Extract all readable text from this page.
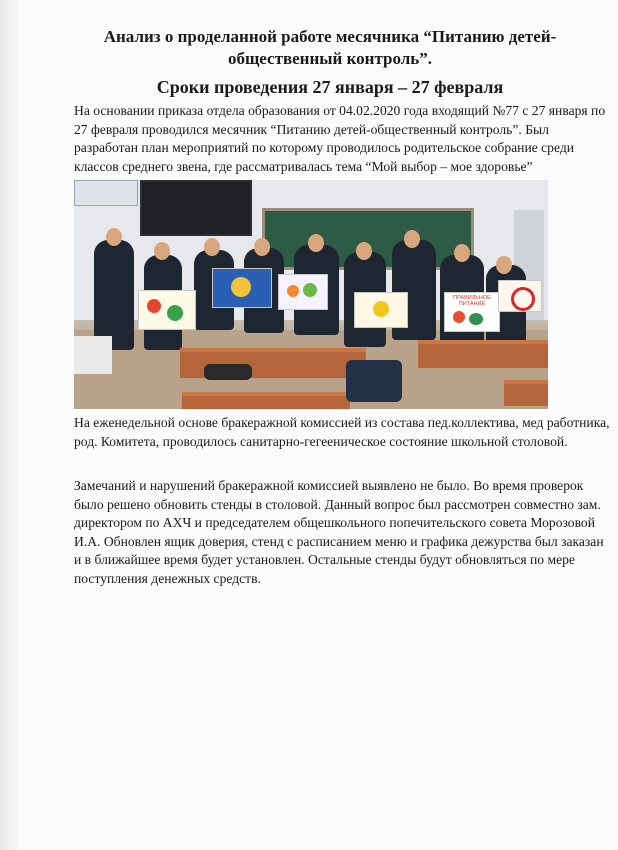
Анализ о проделанной работе месячника “Питанию детей-
общественный контроль”.
Сроки проведения 27 января – 27 февраля

На основании приказа отдела образования от 04.02.2020 года входящий №77 с 27 января по 27 февраля проводился месячник “Питанию детей-общественный контроль”. Был разработан план мероприятий по которому проводилось родительское собрание среди классов среднего звена, где рассматривалась тема “Мой выбор – мое здоровье”

ПРАВИЛЬНОЕ
ПИТАНИЕ

На еженедельной основе бракеражной комиссией из состава пед.коллектива, мед работника, род. Комитета, проводилось санитарно-гегееническое состояние школьной столовой.

Замечаний и нарушений бракеражной комиссией выявлено не было. Во время проверок было решено обновить стенды в столовой. Данный вопрос был рассмотрен совместно зам. директором по АХЧ и председателем общешкольного попечительского совета Морозовой И.А. Обновлен ящик доверия, стенд с расписанием меню и графика дежурства был заказан и в ближайшее время будет установлен. Остальные стенды будут обновляться по мере поступления денежных средств.
